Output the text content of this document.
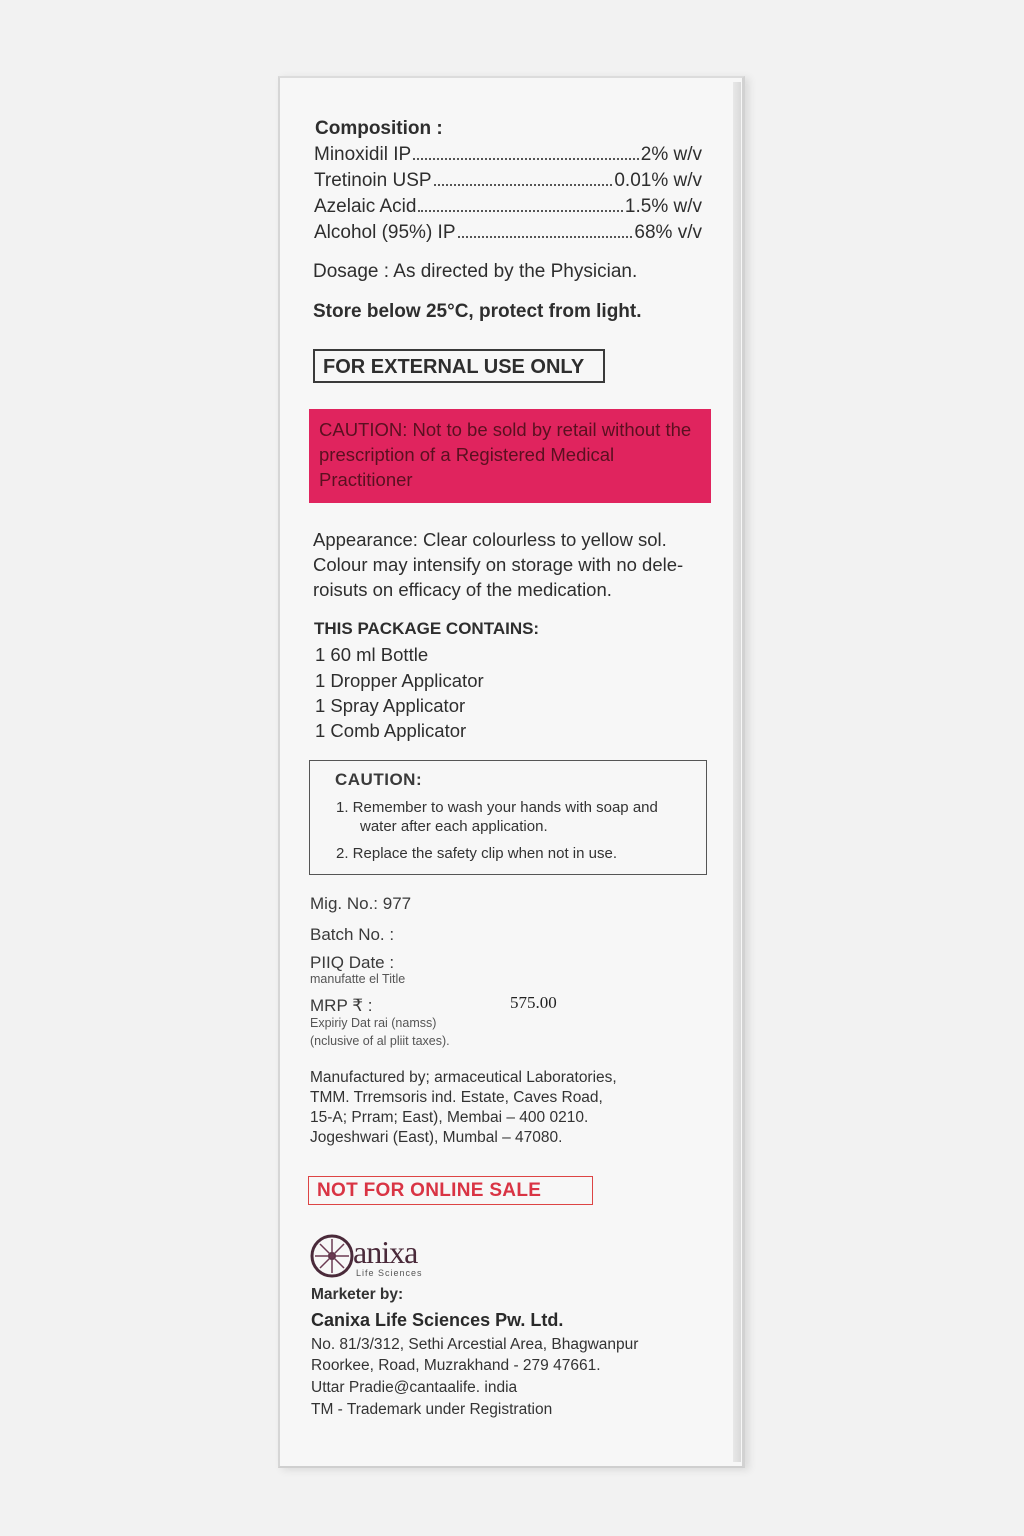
Composition :
Minoxidil IP	2% w/v
Tretinoin USP	0.01% w/v
Azelaic Acid	1.5% w/v
Alcohol (95%) IP	68% v/v
Dosage : As directed by the Physician.
Store below 25°C, protect from light.
FOR EXTERNAL USE ONLY
CAUTION: Not to be sold by retail without the prescription of a Registered Medical Practitioner
Appearance: Clear colourless to yellow sol. Colour may intensify on storage with no dele-roisuts on efficacy of the medication.
THIS PACKAGE CONTAINS:
1 60 ml Bottle
1 Dropper Applicator
1 Spray Applicator
1 Comb Applicator
CAUTION:
1. Remember to wash your hands with soap and
water after each application.
2. Replace the safety clip when not in use.
Mig. No.: 977
Batch No. :
PIIQ Date :
manufatte el Title
MRP ₹ :	575.00
Expiriy Dat rai (namss)
(nclusive of al pliit taxes).
Manufactured by; armaceutical Laboratories,
TMM. Trremsoris ind. Estate, Caves Road,
15-A; Prram; East), Membai – 400 0210.
Jogeshwari (East), Mumbal – 47080.
NOT FOR ONLINE SALE
anixa
Life Sciences
Marketer by:
Canixa Life Sciences Pw. Ltd.
No. 81/3/312, Sethi Arcestial Area, Bhagwanpur
Roorkee, Road, Muzrakhand - 279 47661.
Uttar Pradie@cantaalife. india
TM - Trademark under Registration
